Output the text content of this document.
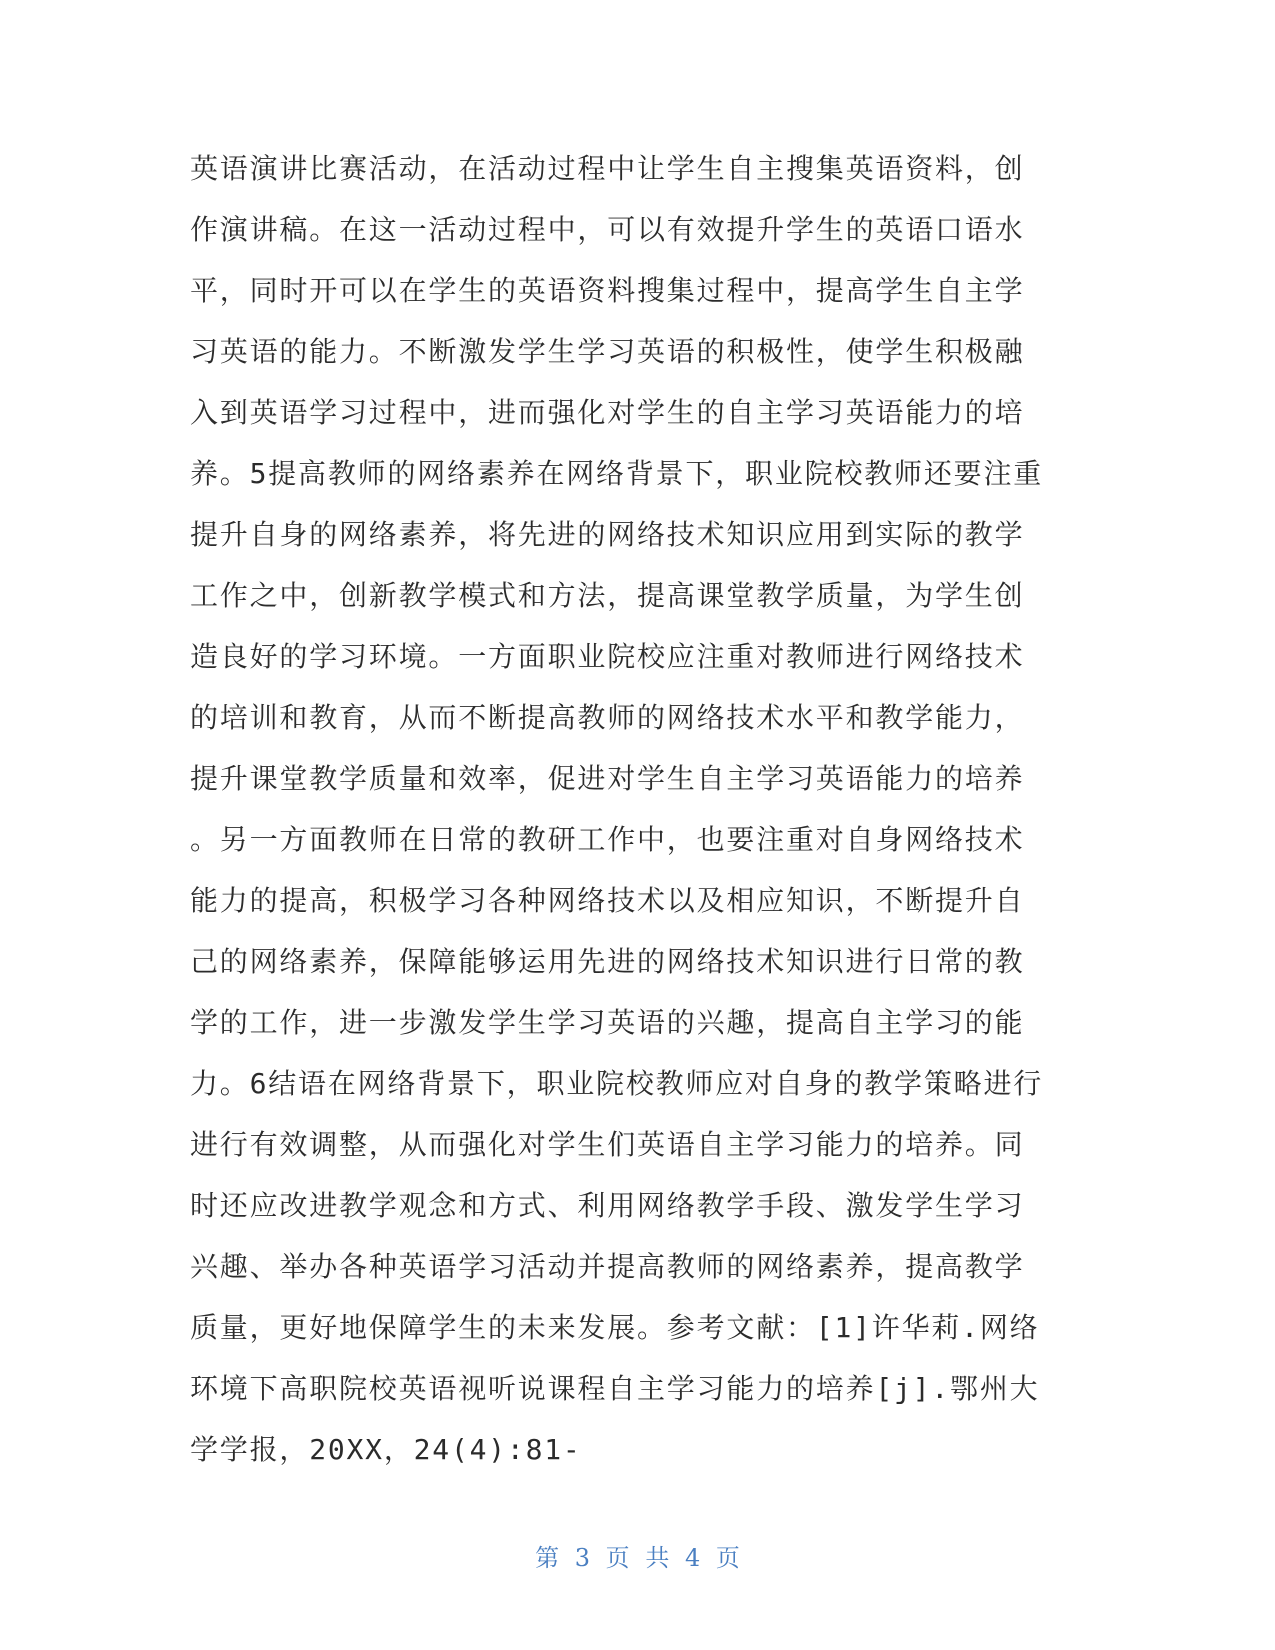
英语演讲比赛活动，在活动过程中让学生自主搜集英语资料，创
作演讲稿。在这一活动过程中，可以有效提升学生的英语口语水
平，同时开可以在学生的英语资料搜集过程中，提高学生自主学
习英语的能力。不断激发学生学习英语的积极性，使学生积极融
入到英语学习过程中，进而强化对学生的自主学习英语能力的培
养。5提高教师的网络素养在网络背景下，职业院校教师还要注重
提升自身的网络素养，将先进的网络技术知识应用到实际的教学
工作之中，创新教学模式和方法，提高课堂教学质量，为学生创
造良好的学习环境。一方面职业院校应注重对教师进行网络技术
的培训和教育，从而不断提高教师的网络技术水平和教学能力，
提升课堂教学质量和效率，促进对学生自主学习英语能力的培养
。另一方面教师在日常的教研工作中，也要注重对自身网络技术
能力的提高，积极学习各种网络技术以及相应知识，不断提升自
己的网络素养，保障能够运用先进的网络技术知识进行日常的教
学的工作，进一步激发学生学习英语的兴趣，提高自主学习的能
力。6结语在网络背景下，职业院校教师应对自身的教学策略进行
进行有效调整，从而强化对学生们英语自主学习能力的培养。同
时还应改进教学观念和方式、利用网络教学手段、激发学生学习
兴趣、举办各种英语学习活动并提高教师的网络素养，提高教学
质量，更好地保障学生的未来发展。参考文献：[1]许华莉.网络
环境下高职院校英语视听说课程自主学习能力的培养[j].鄂州大
学学报，20XX，24(4):81-
第 3 页 共 4 页
